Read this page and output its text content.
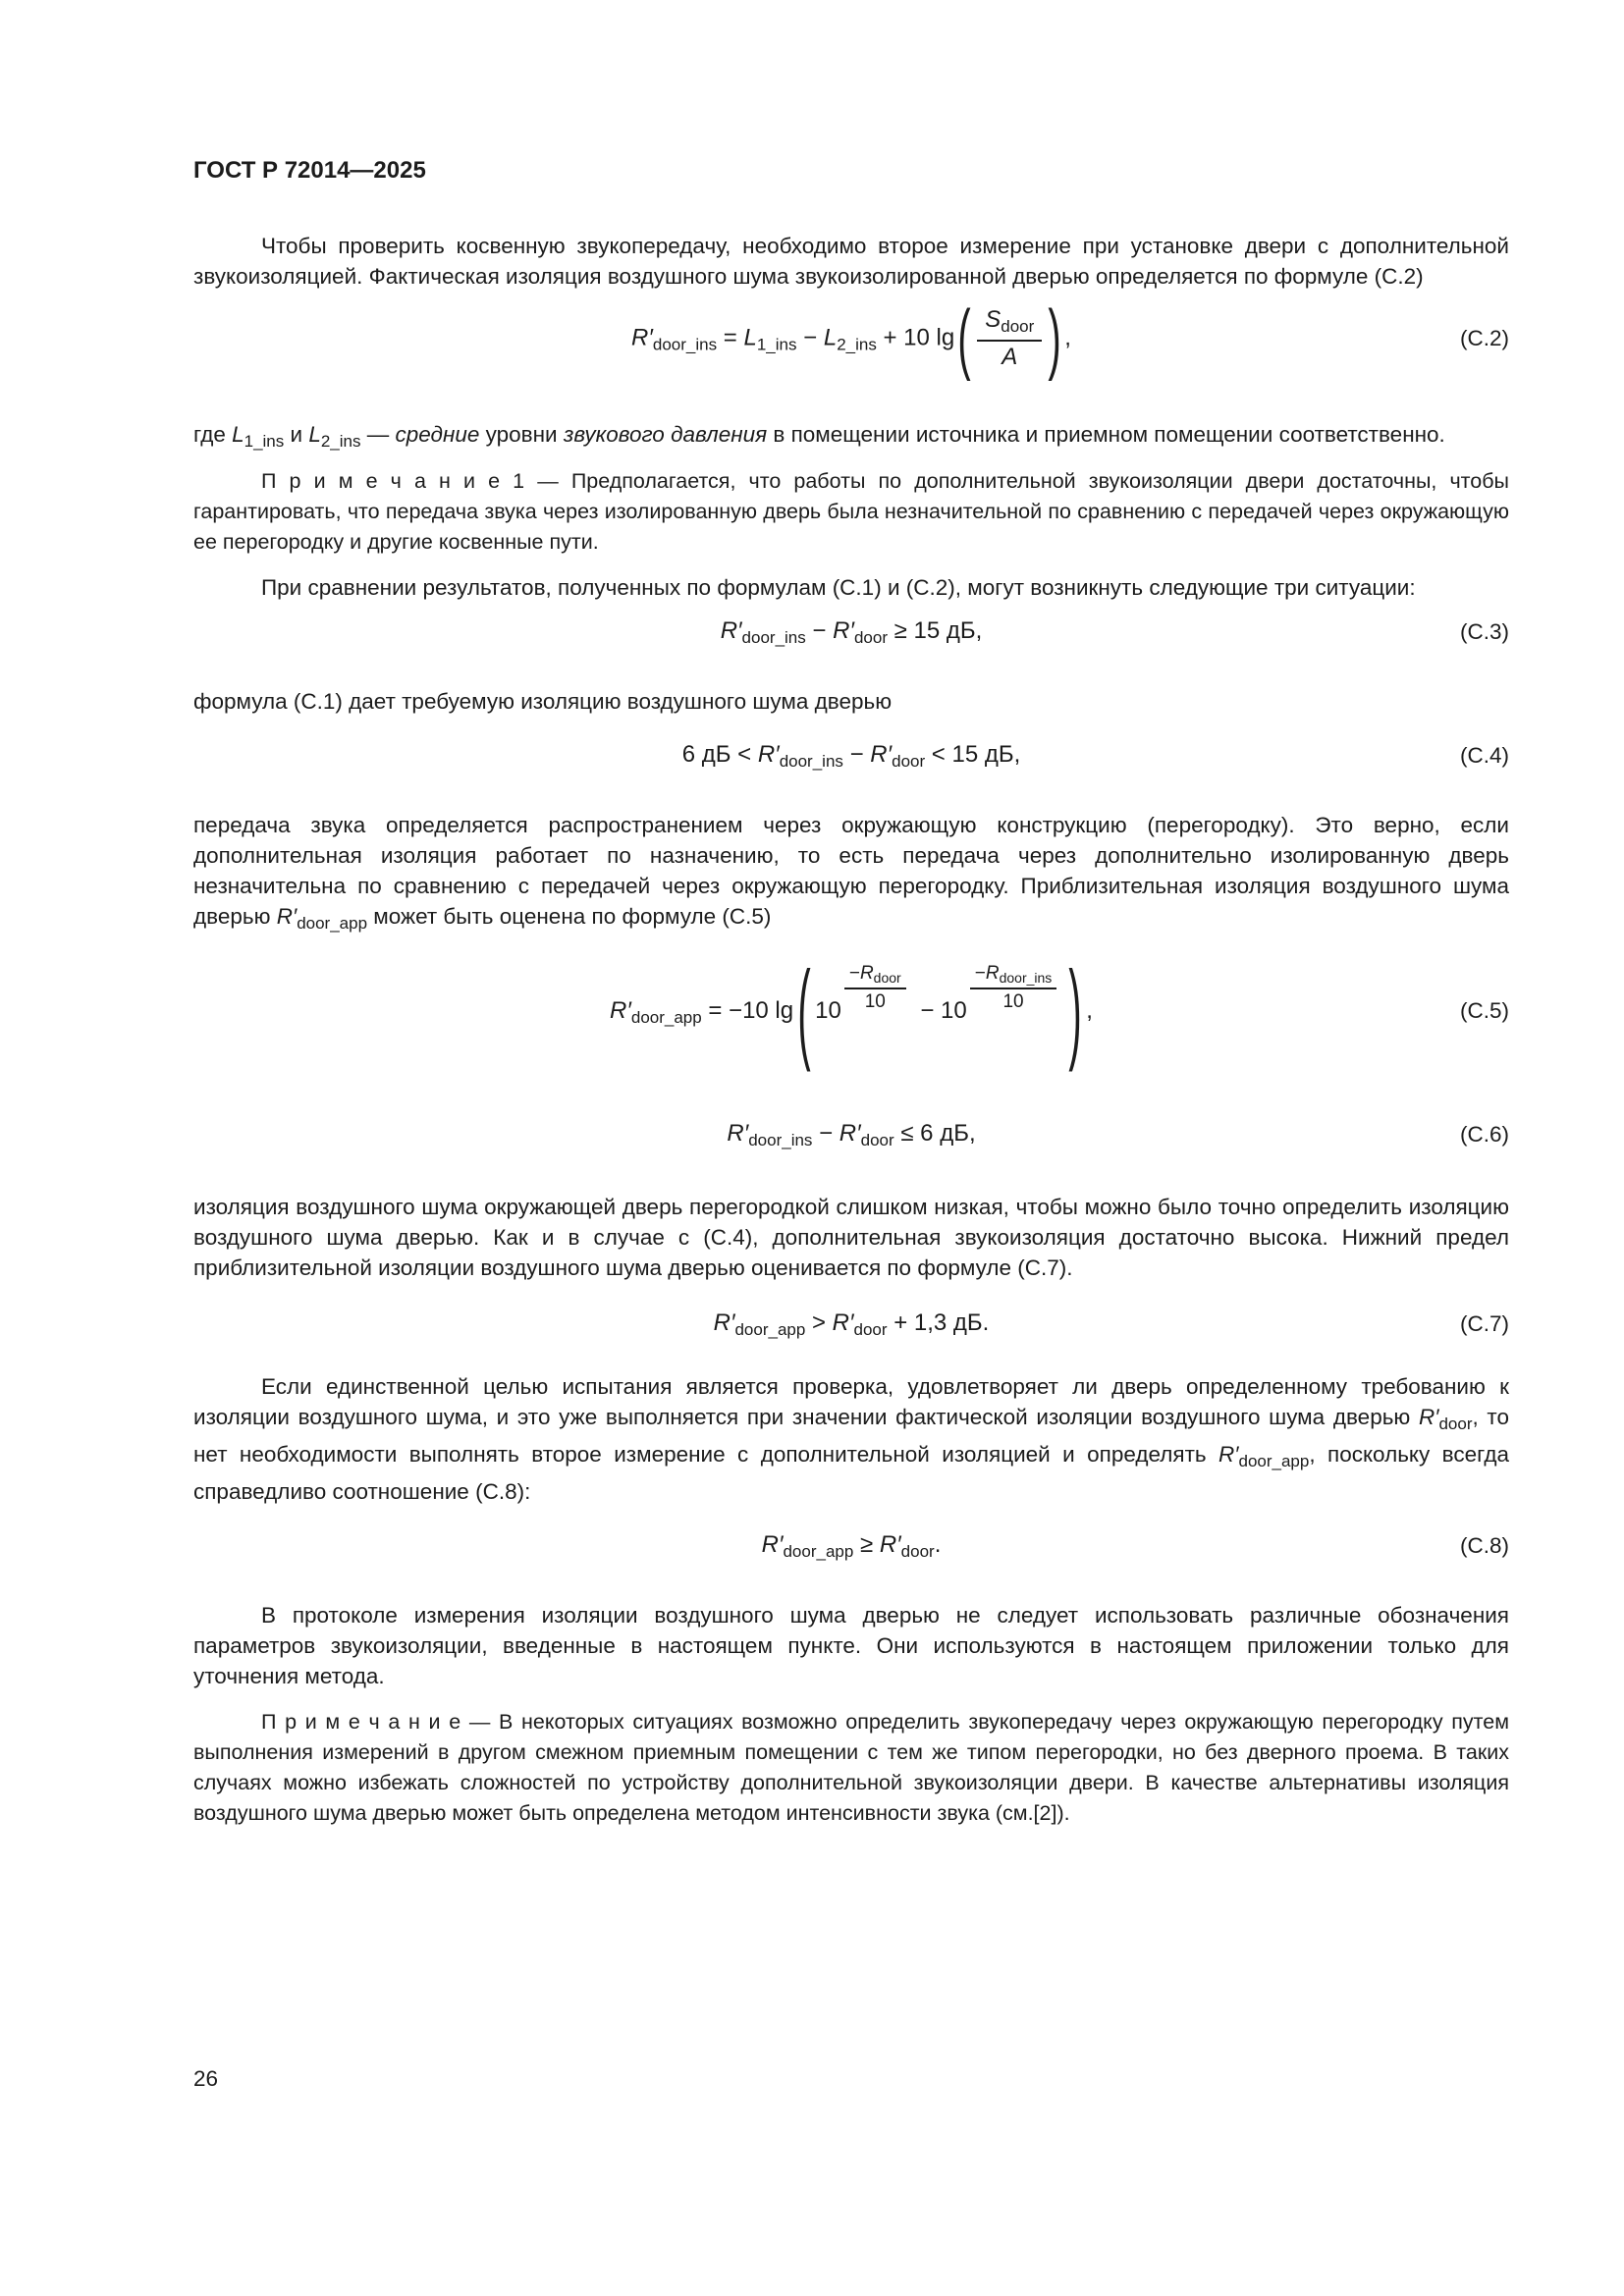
ГОСТ Р 72014—2025

Чтобы проверить косвенную звукопередачу, необходимо второе измерение при установке двери с дополнительной звукоизоляцией. Фактическая изоляция воздушного шума звукоизолированной дверью определяется по формуле (С.2)

$R'_{door\_ins} = L_{1\_ins} - L_{2\_ins} + 10$ $\lg( \frac{S_{door}}{A}$ ) ,	(С.2)

где $L_{1\_ins}$ и $L_{2\_ins}$ — средние уровни звукового давления в помещении источника и приемном помещении соответственно.

П р и м е ч а н и е 1 — Предполагается, что работы по дополнительной звукоизоляции двери достаточны, чтобы гарантировать, что передача звука через изолированную дверь была незначительной по сравнению с передачей через окружающую ее перегородку и другие косвенные пути.

При сравнении результатов, полученных по формулам (С.1) и (С.2), могут возникнуть следующие три ситуации:

$R'_{door\_ins} - R'_{door} \ge 15$ дБ,	(С.3)

формула (С.1) дает требуемую изоляцию воздушного шума дверью

6 дБ < $R'_{door\_ins} - R'_{door} < 15$ дБ,	(С.4)

передача звука определяется распространением через окружающую конструкцию (перегородку). Это верно, если дополнительная изоляция работает по назначению, то есть передача через дополнительно изолированную дверь незначительна по сравнению с передачей через окружающую перегородку. Приблизительная изоляция воздушного шума дверью $R'_{door\_app}$ может быть оценена по формуле (С.5)

$R'_{door\_app} = -10$ lg ( $10 \frac{-R_{door}}{10} - 10 \frac{-R_{door\_ins}}{10}$ ) ,	(С.5)
$R'_{door\_ins} - R'_{door} \le 6$ дБ,	(С.6)

изоляция воздушного шума окружающей дверь перегородкой слишком низкая, чтобы можно было точно определить изоляцию воздушного шума дверью. Как и в случае с (С.4), дополнительная звукоизоляция достаточно высока. Нижний предел приблизительной изоляции воздушного шума дверью оценивается по формуле (С.7).

$R'_{door\_app} > R'_{door} + 1,3$ дБ.	(С.7)

Если единственной целью испытания является проверка, удовлетворяет ли дверь определенному требованию к изоляции воздушного шума, и это уже выполняется при значении фактической изоляции воздушного шума дверью $R'_{door}$, то нет необходимости выполнять второе измерение с дополнительной изоляцией и определять $R'_{door\_app}$, поскольку всегда справедливо соотношение (С.8):

$R'_{door\_app} \ge R'_{door}$.	(С.8)

В протоколе измерения изоляции воздушного шума дверью не следует использовать различные обозначения параметров звукоизоляции, введенные в настоящем пункте. Они используются в настоящем приложении только для уточнения метода.

П р и м е ч а н и е — В некоторых ситуациях возможно определить звукопередачу через окружающую перегородку путем выполнения измерений в другом смежном приемным помещении с тем же типом перегородки, но без дверного проема. В таких случаях можно избежать сложностей по устройству дополнительной звукоизоляции двери. В качестве альтернативы изоляция воздушного шума дверью может быть определена методом интенсивности звука (см.[2]).

26
